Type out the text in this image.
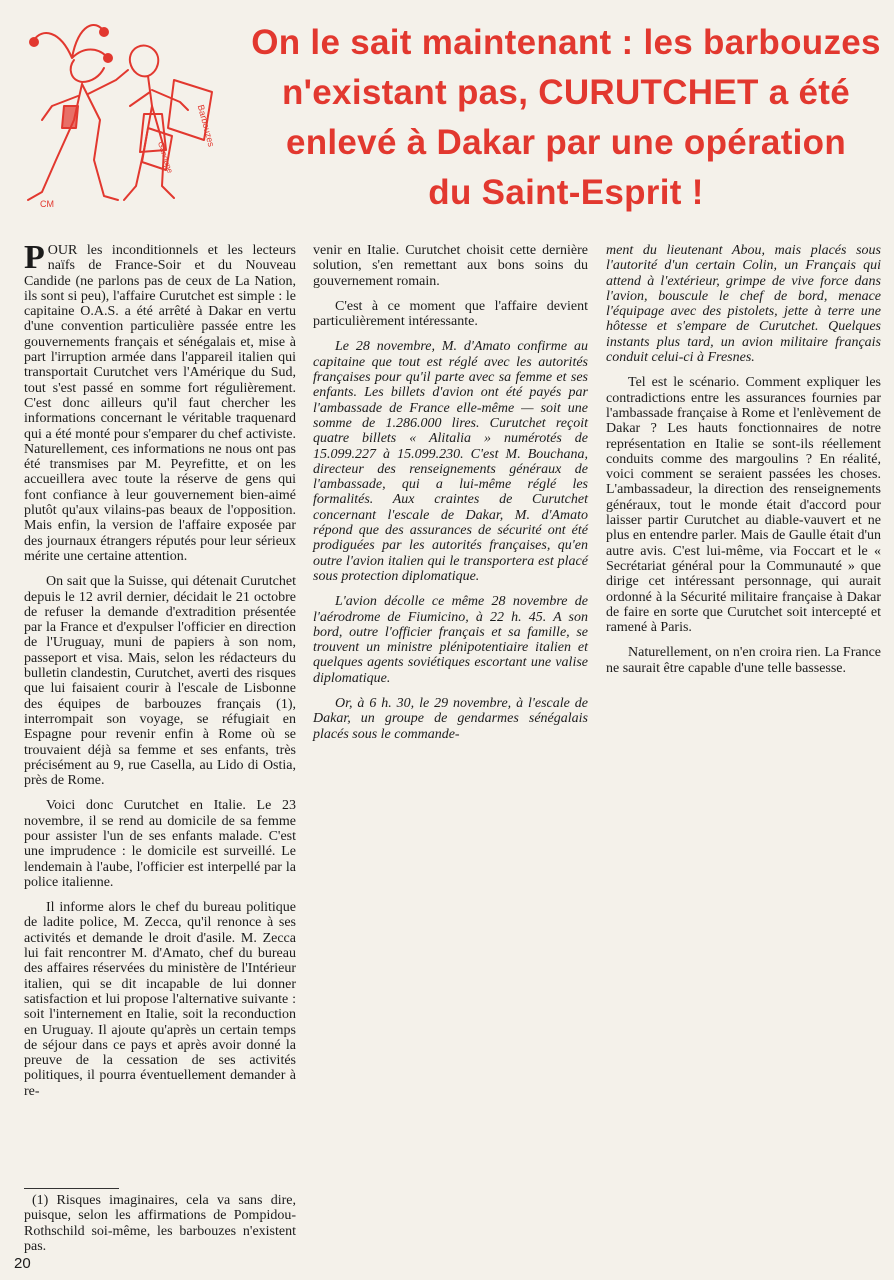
Barbouzes
Ganoupe
CM
On le sait maintenant : les barbouzes
n'existant pas, CURUTCHET a été
enlevé à Dakar par une opération
du Saint-Esprit !

POUR les inconditionnels et les lecteurs naïfs de France-Soir et du Nouveau Candide (ne parlons pas de ceux de La Nation, ils sont si peu), l'affaire Curutchet est simple : le capitaine O.A.S. a été arrêté à Dakar en vertu d'une convention particulière passée entre les gouvernements français et sénégalais et, mise à part l'irruption armée dans l'appareil italien qui transportait Curutchet vers l'Amérique du Sud, tout s'est passé en somme fort régulièrement. C'est donc ailleurs qu'il faut chercher les informations concernant le véritable traquenard qui a été monté pour s'emparer du chef activiste. Naturellement, ces informations ne nous ont pas été transmises par M. Peyrefitte, et on les accueillera avec toute la réserve de gens qui font confiance à leur gouvernement bien-aimé plutôt qu'aux vilains-pas beaux de l'opposition. Mais enfin, la version de l'affaire exposée par des journaux étrangers réputés pour leur sérieux mérite une certaine attention.

On sait que la Suisse, qui détenait Curutchet depuis le 12 avril dernier, décidait le 21 octobre de refuser la demande d'extradition présentée par la France et d'expulser l'officier en direction de l'Uruguay, muni de papiers à son nom, passeport et visa. Mais, selon les rédacteurs du bulletin clandestin, Curutchet, averti des risques que lui faisaient courir à l'escale de Lisbonne des équipes de barbouzes français (1), interrompait son voyage, se réfugiait en Espagne pour revenir enfin à Rome où se trouvaient déjà sa femme et ses enfants, très précisément au 9, rue Casella, au Lido di Ostia, près de Rome.

Voici donc Curutchet en Italie. Le 23 novembre, il se rend au domicile de sa femme pour assister l'un de ses enfants malade. C'est une imprudence : le domicile est surveillé. Le lendemain à l'aube, l'officier est interpellé par la police italienne.

Il informe alors le chef du bureau politique de ladite police, M. Zecca, qu'il renonce à ses activités et demande le droit d'asile. M. Zecca lui fait rencontrer M. d'Amato, chef du bureau des affaires réservées du ministère de l'Intérieur italien, qui se dit incapable de lui donner satisfaction et lui propose l'alternative suivante : soit l'internement en Italie, soit la reconduction en Uruguay. Il ajoute qu'après un certain temps de séjour dans ce pays et après avoir donné la preuve de la cessation de ses activités politiques, il pourra éventuellement demander à re-

venir en Italie. Curutchet choisit cette dernière solution, s'en remettant aux bons soins du gouvernement romain.

C'est à ce moment que l'affaire devient particulièrement intéressante.

Le 28 novembre, M. d'Amato confirme au capitaine que tout est réglé avec les autorités françaises pour qu'il parte avec sa femme et ses enfants. Les billets d'avion ont été payés par l'ambassade de France elle-même — soit une somme de 1.286.000 lires. Curutchet reçoit quatre billets « Alitalia » numérotés de 15.099.227 à 15.099.230. C'est M. Bouchana, directeur des renseignements généraux de l'ambassade, qui a lui-même réglé les formalités. Aux craintes de Curutchet concernant l'escale de Dakar, M. d'Amato répond que des assurances de sécurité ont été prodiguées par les autorités françaises, qu'en outre l'avion italien qui le transportera est placé sous protection diplomatique.

L'avion décolle ce même 28 novembre de l'aérodrome de Fiumicino, à 22 h. 45. A son bord, outre l'officier français et sa famille, se trouvent un ministre plénipotentiaire italien et quelques agents soviétiques escortant une valise diplomatique.

Or, à 6 h. 30, le 29 novembre, à l'escale de Dakar, un groupe de gendarmes sénégalais placés sous le commande-

ment du lieutenant Abou, mais placés sous l'autorité d'un certain Colin, un Français qui attend à l'extérieur, grimpe de vive force dans l'avion, bouscule le chef de bord, menace l'équipage avec des pistolets, jette à terre une hôtesse et s'empare de Curutchet. Quelques instants plus tard, un avion militaire français conduit celui-ci à Fresnes.

Tel est le scénario. Comment expliquer les contradictions entre les assurances fournies par l'ambassade française à Rome et l'enlèvement de Dakar ? Les hauts fonctionnaires de notre représentation en Italie se sont-ils réellement conduits comme des margoulins ? En réalité, voici comment se seraient passées les choses. L'ambassadeur, la direction des renseignements généraux, tout le monde était d'accord pour laisser partir Curutchet au diable-vauvert et ne plus en entendre parler. Mais de Gaulle était d'un autre avis. C'est lui-même, via Foccart et le « Secrétariat général pour la Communauté » que dirige cet intéressant personnage, qui aurait ordonné à la Sécurité militaire française à Dakar de faire en sorte que Curutchet soit intercepté et ramené à Paris.

Naturellement, on n'en croira rien. La France ne saurait être capable d'une telle bassesse.

(1) Risques imaginaires, cela va sans dire, puisque, selon les affirmations de Pompidou-Rothschild soi-même, les barbouzes n'existent pas.

20
